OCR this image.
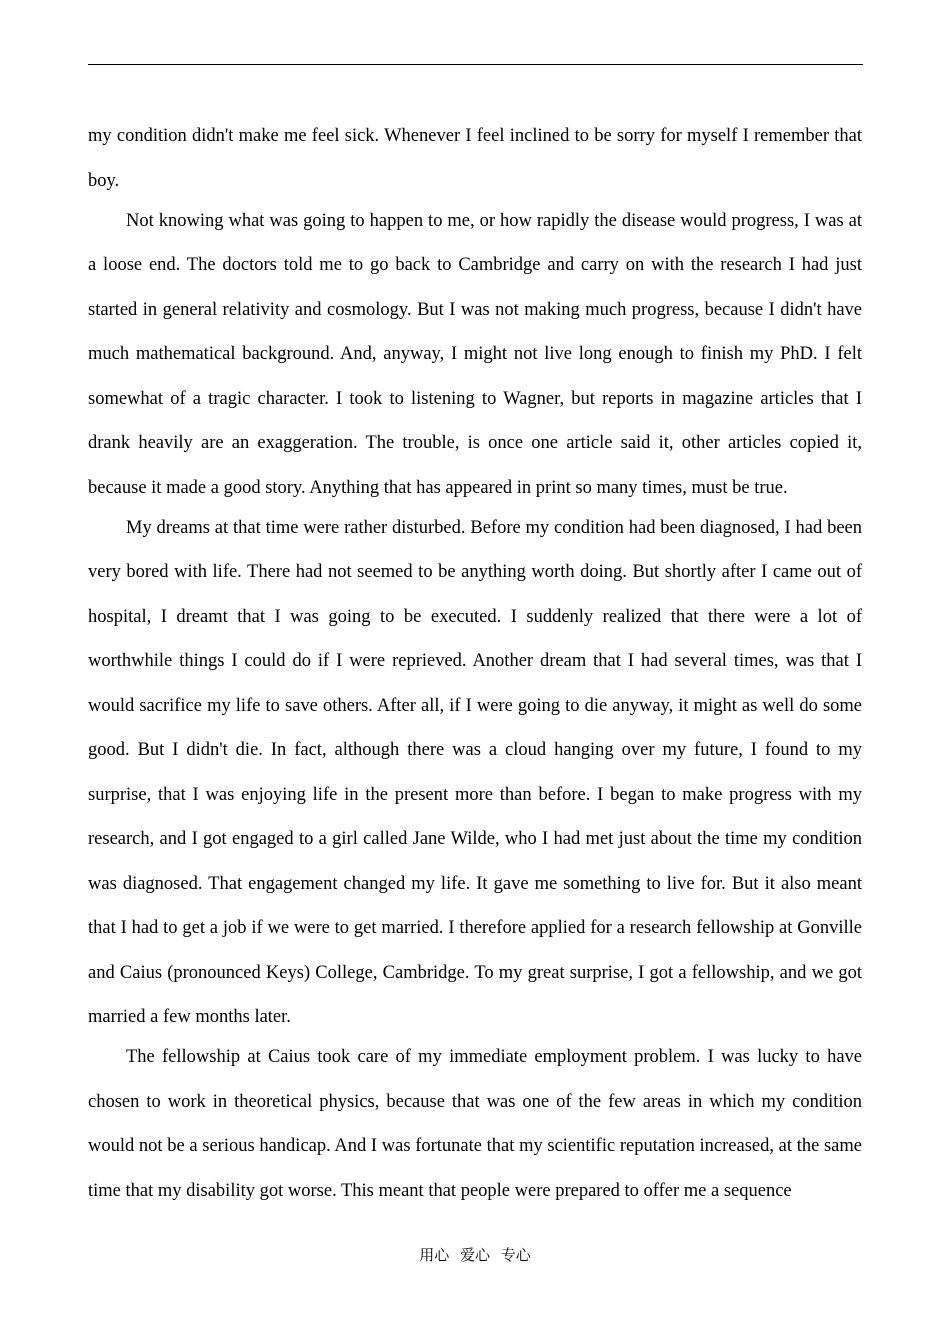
my condition didn't make me feel sick. Whenever I feel inclined to be sorry for myself I remember that boy.

Not knowing what was going to happen to me, or how rapidly the disease would progress, I was at a loose end. The doctors told me to go back to Cambridge and carry on with the research I had just started in general relativity and cosmology. But I was not making much progress, because I didn't have much mathematical background. And, anyway, I might not live long enough to finish my PhD. I felt somewhat of a tragic character. I took to listening to Wagner, but reports in magazine articles that I drank heavily are an exaggeration. The trouble, is once one article said it, other articles copied it, because it made a good story. Anything that has appeared in print so many times, must be true.

My dreams at that time were rather disturbed. Before my condition had been diagnosed, I had been very bored with life. There had not seemed to be anything worth doing. But shortly after I came out of hospital, I dreamt that I was going to be executed. I suddenly realized that there were a lot of worthwhile things I could do if I were reprieved. Another dream that I had several times, was that I would sacrifice my life to save others. After all, if I were going to die anyway, it might as well do some good. But I didn't die. In fact, although there was a cloud hanging over my future, I found to my surprise, that I was enjoying life in the present more than before. I began to make progress with my research, and I got engaged to a girl called Jane Wilde, who I had met just about the time my condition was diagnosed. That engagement changed my life. It gave me something to live for. But it also meant that I had to get a job if we were to get married. I therefore applied for a research fellowship at Gonville and Caius (pronounced Keys) College, Cambridge. To my great surprise, I got a fellowship, and we got married a few months later.

The fellowship at Caius took care of my immediate employment problem. I was lucky to have chosen to work in theoretical physics, because that was one of the few areas in which my condition would not be a serious handicap. And I was fortunate that my scientific reputation increased, at the same time that my disability got worse. This meant that people were prepared to offer me a sequence

用心 爱心 专心
